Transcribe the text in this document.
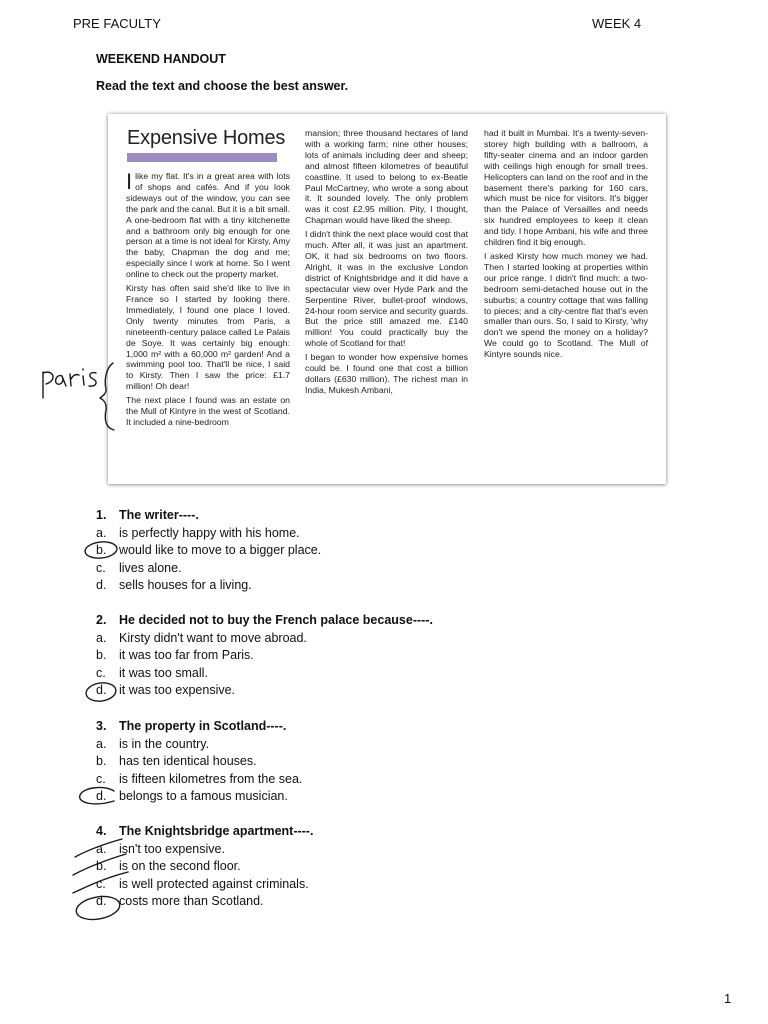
PRE FACULTY	WEEK 4
WEEKEND HANDOUT
Read the text and choose the best answer.
Expensive Homes

Ilike my flat. It's in a great area with lots of shops and cafés. And if you look sideways out of the window, you can see the park and the canal. But it is a bit small. A one-bedroom flat with a tiny kitchenette and a bathroom only big enough for one person at a time is not ideal for Kirsty, Amy the baby, Chapman the dog and me; especially since I work at home. So I went online to check out the property market.

Kirsty has often said she'd like to live in France so I started by looking there. Immediately, I found one place I loved. Only twenty minutes from Paris, a nineteenth-century palace called Le Palais de Soye. It was certainly big enough: 1,000 m² with a 60,000 m² garden! And a swimming pool too. That'll be nice, I said to Kirsty. Then I saw the price: £1.7 million! Oh dear!

The next place I found was an estate on the Mull of Kintyre in the west of Scotland. It included a nine-bedroom

mansion; three thousand hectares of land with a working farm; nine other houses; lots of animals including deer and sheep; and almost fifteen kilometres of beautiful coastline. It used to belong to ex-Beatle Paul McCartney, who wrote a song about it. It sounded lovely. The only problem was it cost £2.95 million. Pity, I thought, Chapman would have liked the sheep.

I didn't think the next place would cost that much. After all, it was just an apartment. OK, it had six bedrooms on two floors. Alright, it was in the exclusive London district of Knightsbridge and it did have a spectacular view over Hyde Park and the Serpentine River, bullet-proof windows, 24-hour room service and security guards. But the price still amazed me. £140 million! You could practically buy the whole of Scotland for that!

I began to wonder how expensive homes could be. I found one that cost a billion dollars (£630 million). The richest man in India, Mukesh Ambani,

had it built in Mumbai. It's a twenty-seven-storey high building with a ballroom, a fifty-seater cinema and an indoor garden with ceilings high enough for small trees. Helicopters can land on the roof and in the basement there's parking for 160 cars, which must be nice for visitors. It's bigger than the Palace of Versailles and needs six hundred employees to keep it clean and tidy. I hope Ambani, his wife and three children find it big enough.

I asked Kirsty how much money we had. Then I started looking at properties within our price range. I didn't find much: a two-bedroom semi-detached house out in the suburbs; a country cottage that was falling to pieces; and a city-centre flat that's even smaller than ours. So, I said to Kirsty, 'why don't we spend the money on a holiday? We could go to Scotland. The Mull of Kintyre sounds nice.

1. The writer----.
a. is perfectly happy with his home.
b. would like to move to a bigger place.
c. lives alone.
d. sells houses for a living.
2. He decided not to buy the French palace because----.
a. Kirsty didn't want to move abroad.
b. it was too far from Paris.
c. it was too small.
d. it was too expensive.
3. The property in Scotland----.
a. is in the country.
b. has ten identical houses.
c. is fifteen kilometres from the sea.
d. belongs to a famous musician.
4. The Knightsbridge apartment----.
a. isn't too expensive.
b. is on the second floor.
c. is well protected against criminals.
d. costs more than Scotland.
1
